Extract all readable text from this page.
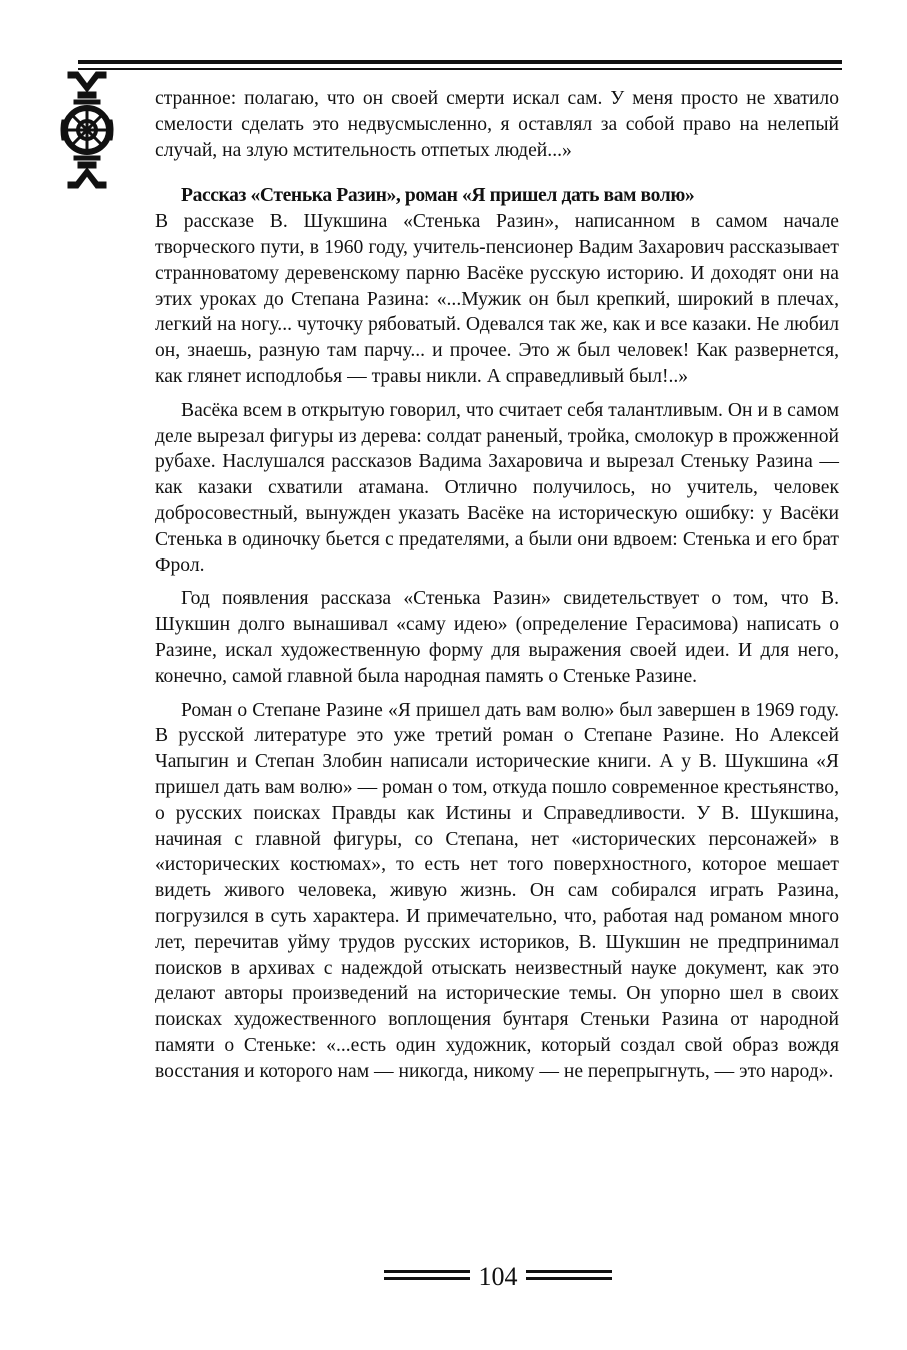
странное: полагаю, что он своей смерти искал сам. У меня просто не хватило смелости сделать это недвусмысленно, я оставлял за собой право на нелепый случай, на злую мстительность отпетых людей...»

Рассказ «Стенька Разин», роман «Я пришел дать вам волю»

В рассказе В. Шукшина «Стенька Разин», написанном в самом начале творческого пути, в 1960 году, учитель-пенсионер Вадим Захарович рассказывает странноватому деревенскому парню Васёке русскую историю. И доходят они на этих уроках до Степана Разина: «...Мужик он был крепкий, широкий в плечах, легкий на ногу... чуточку рябоватый. Одевался так же, как и все казаки. Не любил он, знаешь, разную там парчу... и прочее. Это ж был человек! Как развернется, как глянет исподлобья — травы никли. А справедливый был!..»

Васёка всем в открытую говорил, что считает себя талантливым. Он и в самом деле вырезал фигуры из дерева: солдат раненый, тройка, смолокур в прожженной рубахе. Наслушался рассказов Вадима Захаровича и вырезал Стеньку Разина — как казаки схватили атамана. Отлично получилось, но учитель, человек добросовестный, вынужден указать Васёке на историческую ошибку: у Васёки Стенька в одиночку бьется с предателями, а были они вдвоем: Стенька и его брат Фрол.

Год появления рассказа «Стенька Разин» свидетельствует о том, что В. Шукшин долго вынашивал «саму идею» (определение Герасимова) написать о Разине, искал художественную форму для выражения своей идеи. И для него, конечно, самой главной была народная память о Стеньке Разине.

Роман о Степане Разине «Я пришел дать вам волю» был завершен в 1969 году. В русской литературе это уже третий роман о Степане Разине. Но Алексей Чапыгин и Степан Злобин написали исторические книги. А у В. Шукшина «Я пришел дать вам волю» — роман о том, откуда пошло современное крестьянство, о русских поисках Правды как Истины и Справедливости. У В. Шукшина, начиная с главной фигуры, со Степана, нет «исторических персонажей» в «исторических костюмах», то есть нет того поверхностного, которое мешает видеть живого человека, живую жизнь. Он сам собирался играть Разина, погрузился в суть характера. И примечательно, что, работая над романом много лет, перечитав уйму трудов русских историков, В. Шукшин не предпринимал поисков в архивах с надеждой отыскать неизвестный науке документ, как это делают авторы произведений на исторические темы. Он упорно шел в своих поисках художественного воплощения бунтаря Стеньки Разина от народной памяти о Стеньке: «...есть один художник, который создал свой образ вождя восстания и которого нам — никогда, никому — не перепрыгнуть, — это народ».

104
